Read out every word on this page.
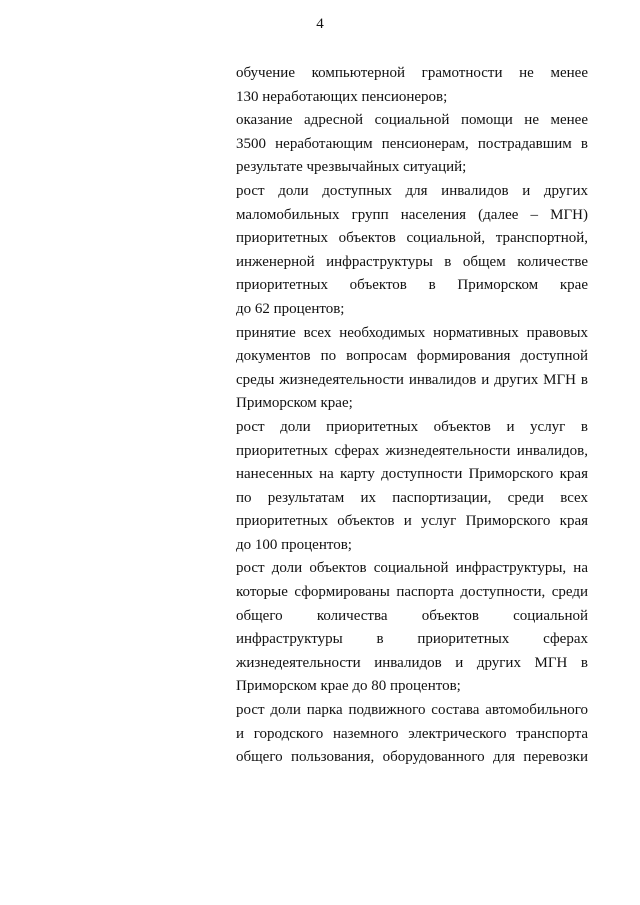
4
обучение компьютерной грамотности не менее
130 неработающих пенсионеров;
оказание адресной социальной помощи не менее
3500 неработающим пенсионерам, пострадавшим в
результате чрезвычайных ситуаций;
рост доли доступных для инвалидов и других
маломобильных групп населения (далее – МГН)
приоритетных объектов социальной, транспортной,
инженерной инфраструктуры в общем количестве
приоритетных объектов в Приморском крае
до 62 процентов;
принятие всех необходимых нормативных правовых
документов по вопросам формирования доступной
среды жизнедеятельности инвалидов и других МГН в
Приморском крае;
рост доли приоритетных объектов и услуг в
приоритетных сферах жизнедеятельности инвалидов,
нанесенных на карту доступности Приморского края
по результатам их паспортизации, среди всех
приоритетных объектов и услуг Приморского края
до 100 процентов;
рост доли объектов социальной инфраструктуры, на
которые сформированы паспорта доступности, среди
общего количества объектов социальной
инфраструктуры в приоритетных сферах
жизнедеятельности инвалидов и других МГН в
Приморском крае до 80 процентов;
рост доли парка подвижного состава автомобильного
и городского наземного электрического транспорта
общего пользования, оборудованного для перевозки
